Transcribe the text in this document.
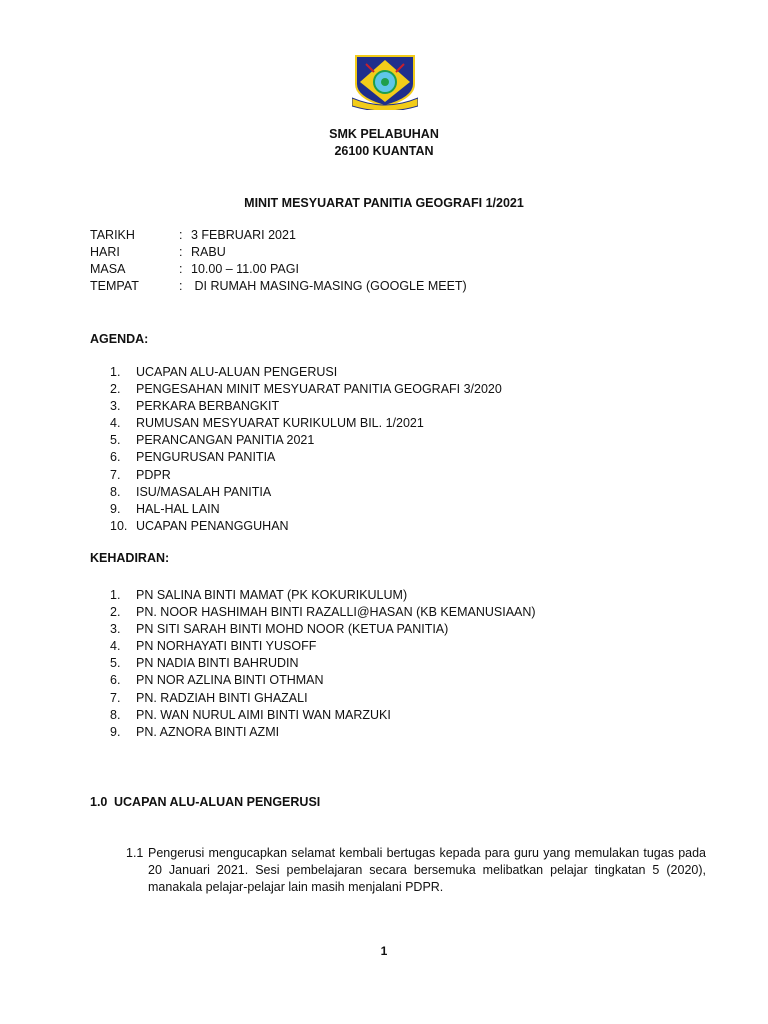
SMK PELABUHAN
26100 KUANTAN
MINIT MESYUARAT PANITIA GEOGRAFI 1/2021
TARIKH	: 3 FEBRUARI 2021
HARI	: RABU
MASA	: 10.00 – 11.00 PAGI
TEMPAT	: DI RUMAH MASING-MASING (GOOGLE MEET)
AGENDA:
1.	UCAPAN ALU-ALUAN PENGERUSI
2.	PENGESAHAN MINIT MESYUARAT PANITIA GEOGRAFI 3/2020
3.	PERKARA BERBANGKIT
4.	RUMUSAN MESYUARAT KURIKULUM BIL. 1/2021
5.	PERANCANGAN PANITIA 2021
6.	PENGURUSAN PANITIA
7.	PDPR
8.	ISU/MASALAH PANITIA
9.	HAL-HAL LAIN
10. UCAPAN PENANGGUHAN
KEHADIRAN:
1.	PN SALINA BINTI MAMAT (PK KOKURIKULUM)
2.	PN. NOOR HASHIMAH BINTI RAZALLI@HASAN (KB KEMANUSIAAN)
3.	PN SITI SARAH BINTI MOHD NOOR (KETUA PANITIA)
4.	PN NORHAYATI BINTI YUSOFF
5.	PN NADIA BINTI BAHRUDIN
6.	PN NOR AZLINA BINTI OTHMAN
7.	PN. RADZIAH BINTI GHAZALI
8.	PN. WAN NURUL AIMI BINTI WAN MARZUKI
9.	PN. AZNORA BINTI AZMI
1.0 UCAPAN ALU-ALUAN PENGERUSI
1.1 Pengerusi mengucapkan selamat kembali bertugas kepada para guru yang memulakan tugas pada 20 Januari 2021. Sesi pembelajaran secara bersemuka melibatkan pelajar tingkatan 5 (2020), manakala pelajar-pelajar lain masih menjalani PDPR.
1
